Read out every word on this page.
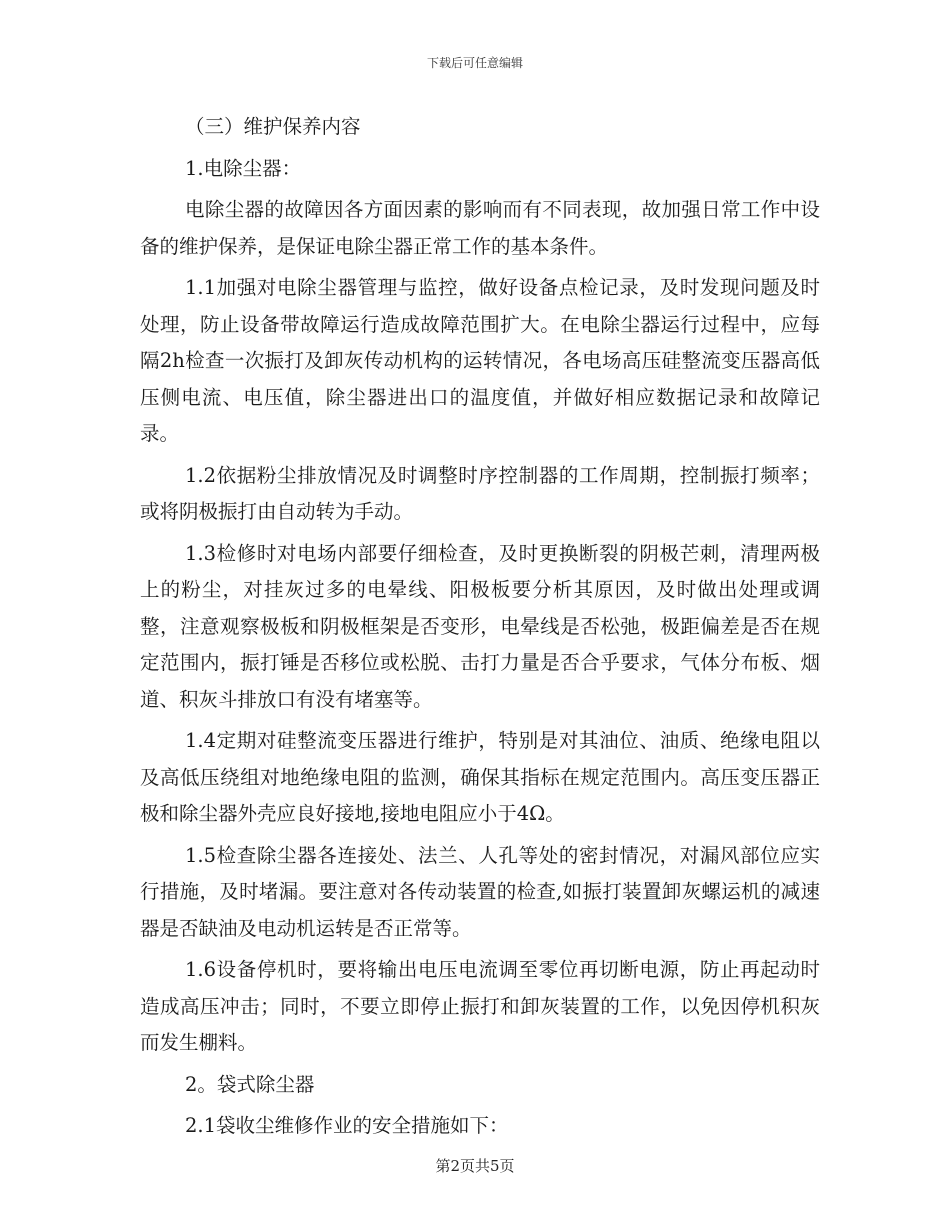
下载后可任意编辑

（三）维护保养内容

1.电除尘器：

电除尘器的故障因各方面因素的影响而有不同表现，故加强日常工作中设备的维护保养，是保证电除尘器正常工作的基本条件。

1.1加强对电除尘器管理与监控，做好设备点检记录，及时发现问题及时处理，防止设备带故障运行造成故障范围扩大。在电除尘器运行过程中，应每隔2h检查一次振打及卸灰传动机构的运转情况，各电场高压硅整流变压器高低压侧电流、电压值，除尘器进出口的温度值，并做好相应数据记录和故障记录。

1.2依据粉尘排放情况及时调整时序控制器的工作周期，控制振打频率；或将阴极振打由自动转为手动。

1.3检修时对电场内部要仔细检查，及时更换断裂的阴极芒刺，清理两极上的粉尘，对挂灰过多的电晕线、阳极板要分析其原因，及时做出处理或调整，注意观察极板和阴极框架是否变形，电晕线是否松弛，极距偏差是否在规定范围内，振打锤是否移位或松脱、击打力量是否合乎要求，气体分布板、烟道、积灰斗排放口有没有堵塞等。

1.4定期对硅整流变压器进行维护，特别是对其油位、油质、绝缘电阻以及高低压绕组对地绝缘电阻的监测，确保其指标在规定范围内。高压变压器正极和除尘器外壳应良好接地,接地电阻应小于4Ω。

1.5检查除尘器各连接处、法兰、人孔等处的密封情况，对漏风部位应实行措施，及时堵漏。要注意对各传动装置的检查,如振打装置卸灰螺运机的减速器是否缺油及电动机运转是否正常等。

1.6设备停机时，要将输出电压电流调至零位再切断电源，防止再起动时造成高压冲击；同时，不要立即停止振打和卸灰装置的工作，以免因停机积灰而发生棚料。

2。袋式除尘器

2.1袋收尘维修作业的安全措施如下：

第2页共5页
